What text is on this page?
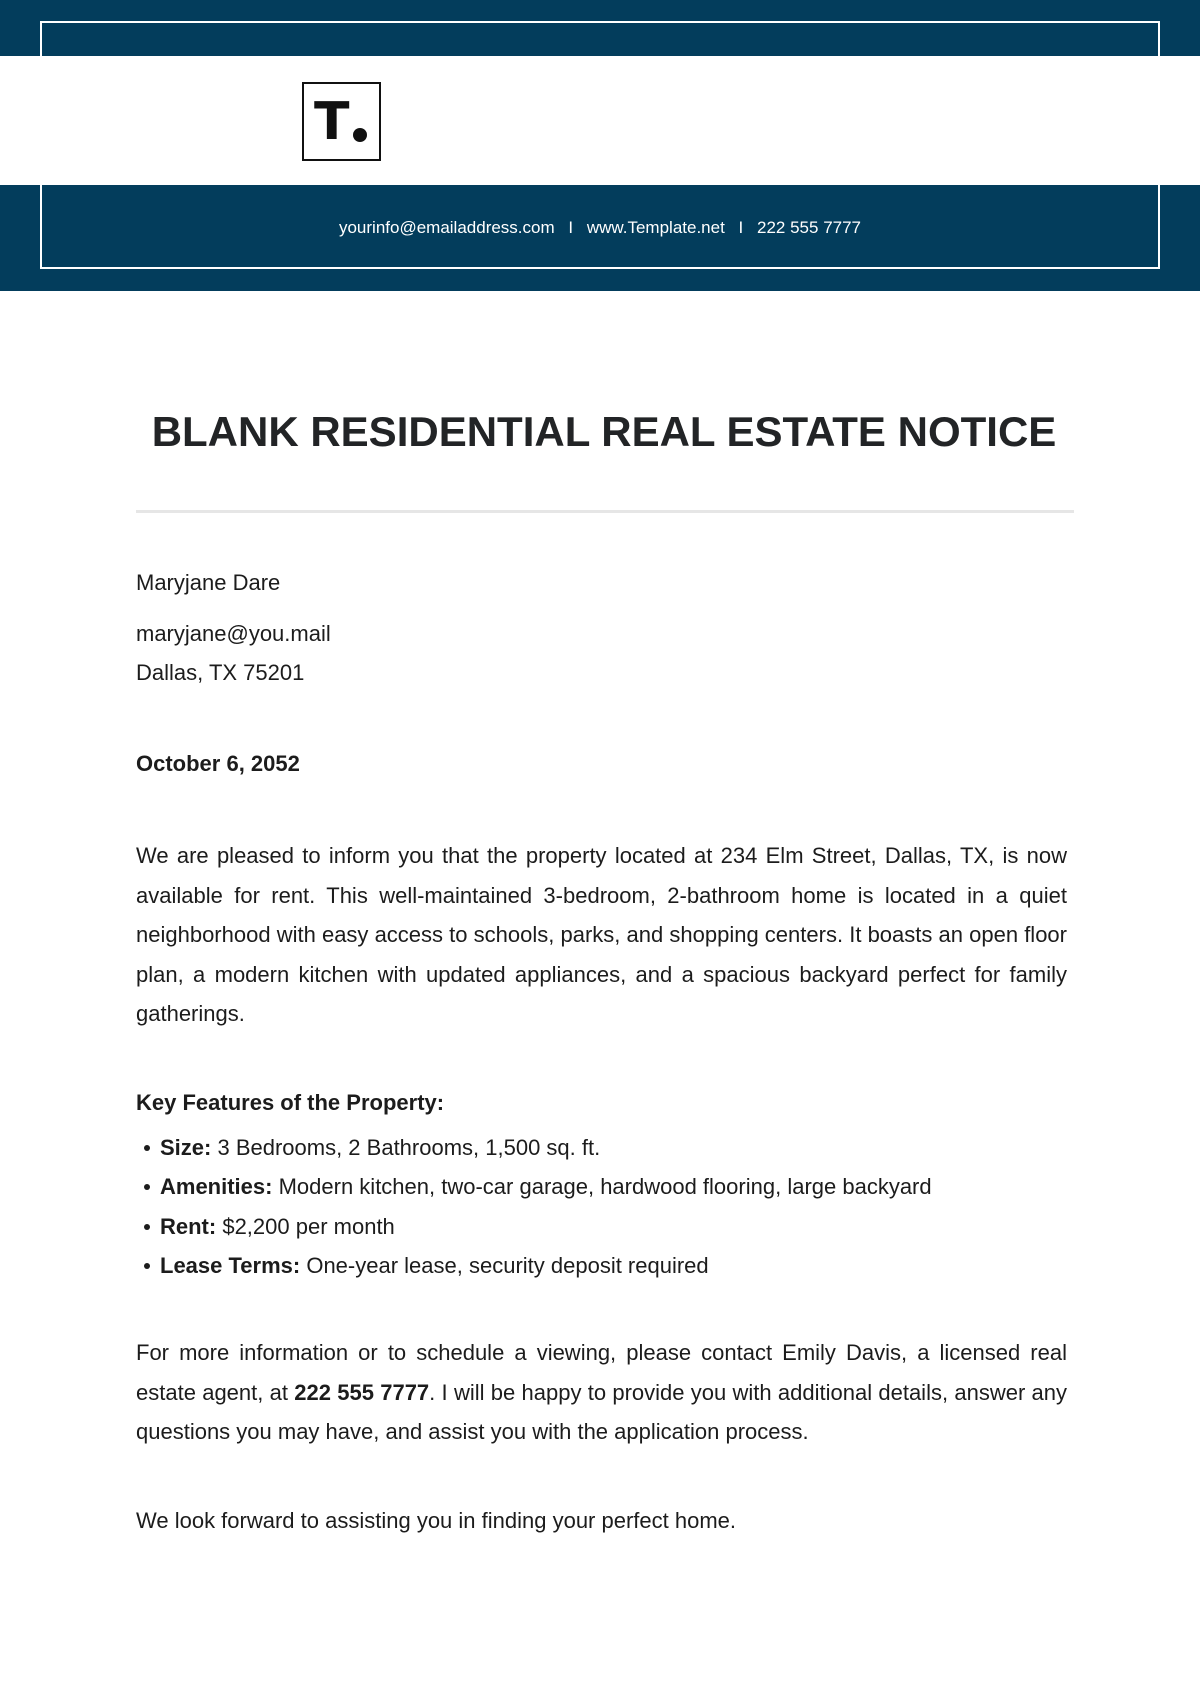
T
yourinfo@emailaddress.com I www.Template.net I 222 555 7777
BLANK RESIDENTIAL REAL ESTATE NOTICE
Maryjane Dare
maryjane@you.mail
Dallas, TX 75201
October 6, 2052

We are pleased to inform you that the property located at 234 Elm Street, Dallas, TX, is now available for rent. This well-maintained 3-bedroom, 2-bathroom home is located in a quiet neighborhood with easy access to schools, parks, and shopping centers. It boasts an open floor plan, a modern kitchen with updated appliances, and a spacious backyard perfect for family gatherings.

Key Features of the Property:
Size: 3 Bedrooms, 2 Bathrooms, 1,500 sq. ft.
Amenities: Modern kitchen, two-car garage, hardwood flooring, large backyard
Rent: $2,200 per month
Lease Terms: One-year lease, security deposit required

For more information or to schedule a viewing, please contact Emily Davis, a licensed real estate agent, at 222 555 7777. I will be happy to provide you with additional details, answer any questions you may have, and assist you with the application process.

We look forward to assisting you in finding your perfect home.
